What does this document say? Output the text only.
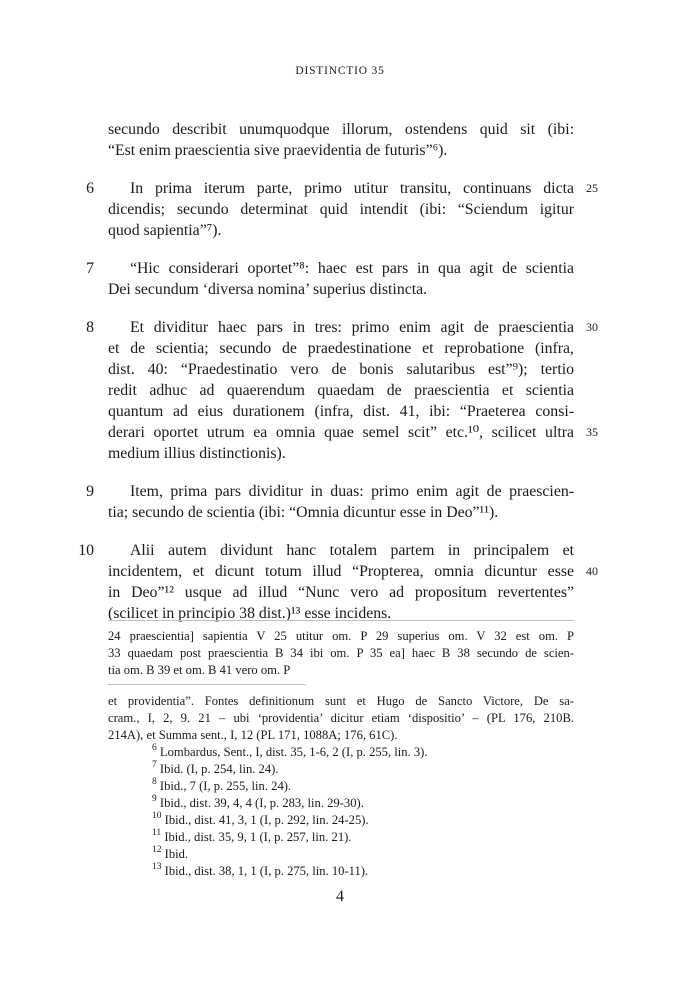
DISTINCTIO 35
secundo describit unumquodque illorum, ostendens quid sit (ibi:
“Est enim praescientia sive praevidentia de futuris”⁶).
6	In prima iterum parte, primo utitur transitu, continuans dicta
dicendis; secundo determinat quid intendit (ibi: “Sciendum igitur
quod sapientia”⁷).
25
7	“Hic considerari oportet”⁸: haec est pars in qua agit de scientia
Dei secundum ‘diversa nomina’ superius distincta.
8	Et dividitur haec pars in tres: primo enim agit de praescientia
et de scientia; secundo de praedestinatione et reprobatione (infra,
dist. 40: “Praedestinatio vero de bonis salutaribus est”⁹); tertio
redit adhuc ad quaerendum quaedam de praescientia et scientia
quantum ad eius durationem (infra, dist. 41, ibi: “Praeterea consi-
derari oportet utrum ea omnia quae semel scit” etc.¹⁰, scilicet ultra
medium illius distinctionis).
30
35
9	Item, prima pars dividitur in duas: primo enim agit de praescien-
tia; secundo de scientia (ibi: “Omnia dicuntur esse in Deo”¹¹).
10	Alii autem dividunt hanc totalem partem in principalem et
incidentem, et dicunt totum illud “Propterea, omnia dicuntur esse
in Deo”¹² usque ad illud “Nunc vero ad propositum revertentes”
(scilicet in principio 38 dist.)¹³ esse incidens.
40
24 praescientia] sapientia V 25 utitur om. P 29 superius om. V 32 est om. P
33 quaedam post praescientia B 34 ibi om. P 35 ea] haec B 38 secundo de scien-
tia om. B 39 et om. B 41 vero om. P
et providentia”. Fontes definitionum sunt et Hugo de Sancto Victore, De sa-
cram., I, 2, 9. 21 – ubi ‘providentia’ dicitur etiam ‘dispositio’ – (PL 176, 210B.
214A), et Summa sent., I, 12 (PL 171, 1088A; 176, 61C).
$^6$ Lombardus, Sent., I, dist. 35, 1-6, 2 (I, p. 255, lin. 3).
$^7$ Ibid. (I, p. 254, lin. 24).
$^8$ Ibid., 7 (I, p. 255, lin. 24).
$^9$ Ibid., dist. 39, 4, 4 (I, p. 283, lin. 29-30).
$^{10}$ Ibid., dist. 41, 3, 1 (I, p. 292, lin. 24-25).
$^{11}$ Ibid., dist. 35, 9, 1 (I, p. 257, lin. 21).
$^{12}$ Ibid.
$^{13}$ Ibid., dist. 38, 1, 1 (I, p. 275, lin. 10-11).
4
